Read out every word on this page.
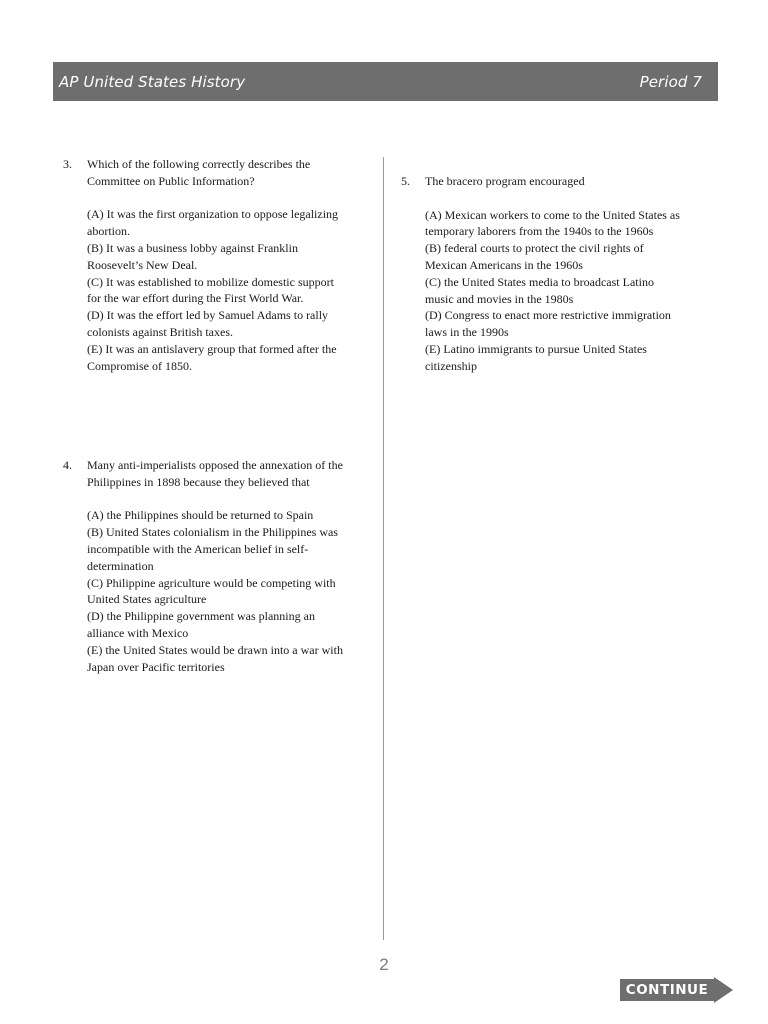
AP United States History	Period 7
3.	Which of the following correctly describes the Committee on Public Information?

(A) It was the first organization to oppose legalizing abortion.

(B) It was a business lobby against Franklin Roosevelt’s New Deal.

(C) It was established to mobilize domestic support for the war effort during the First World War.

(D) It was the effort led by Samuel Adams to rally colonists against British taxes.

(E) It was an antislavery group that formed after the Compromise of 1850.

4.	Many anti-imperialists opposed the annexation of the Philippines in 1898 because they believed that

(A) the Philippines should be returned to Spain

(B) United States colonialism in the Philippines was incompatible with the American belief in self-determination

(C) Philippine agriculture would be competing with United States agriculture

(D) the Philippine government was planning an alliance with Mexico

(E) the United States would be drawn into a war with Japan over Pacific territories

5.	The bracero program encouraged

(A) Mexican workers to come to the United States as temporary laborers from the 1940s to the 1960s

(B) federal courts to protect the civil rights of Mexican Americans in the 1960s

(C) the United States media to broadcast Latino music and movies in the 1980s

(D) Congress to enact more restrictive immigration laws in the 1990s

(E) Latino immigrants to pursue United States citizenship

2
CONTINUE
